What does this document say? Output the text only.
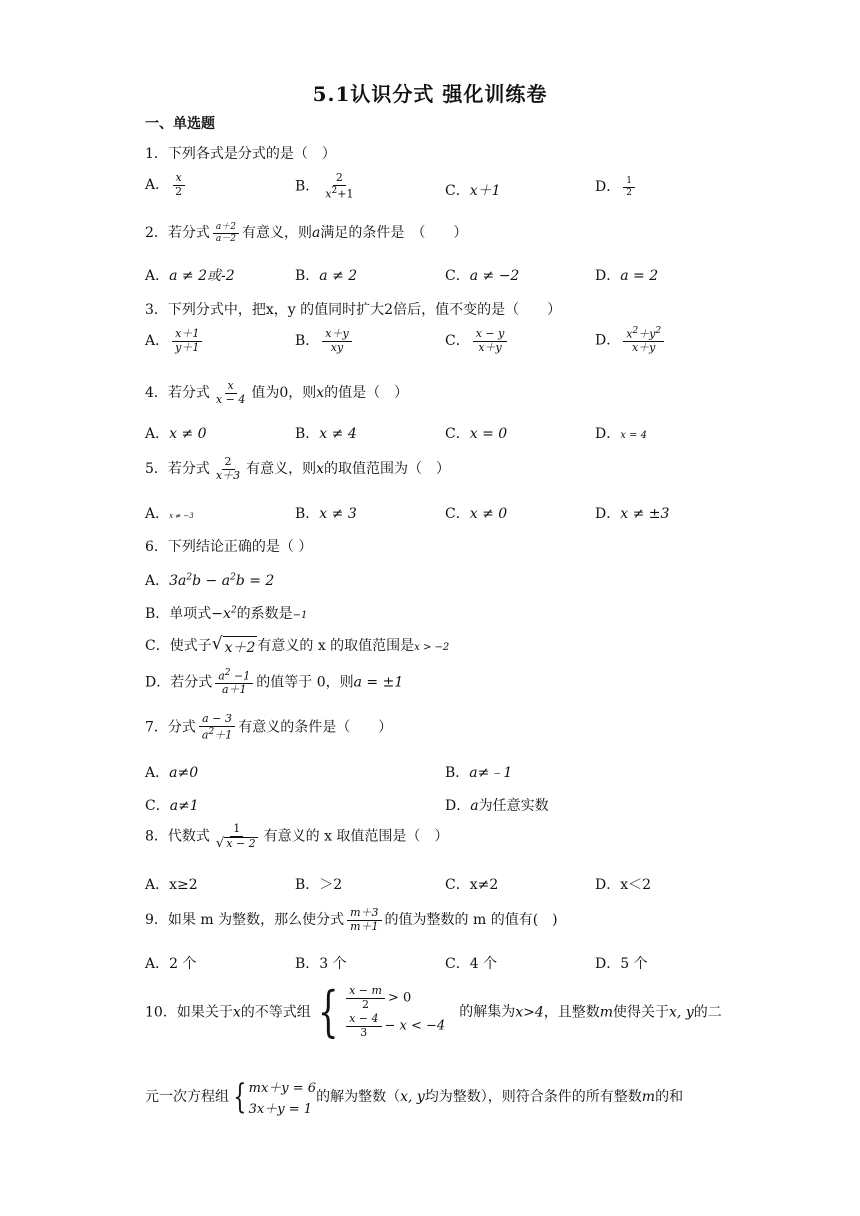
5.1认识分式 强化训练卷
一、单选题
1．下列各式是分式的是（　）
A． $\frac{x}{2}$	B． $\frac{2}{x^2+1}$	C．x＋1	D． $\frac{1}{2}$
2．若分式 $\frac{a+2}{a-2}$ 有意义，则a满足的条件是　（　　）
A．a ≠ 2或-2	B．a ≠ 2	C．a ≠ −2	D．a = 2
3．下列分式中，把x，y 的值同时扩大2倍后，值不变的是（　　）
A． $\frac{x+1}{y+1}$	B． $\frac{x+y}{xy}$	C． $\frac{x - y}{x+y}$	D． $\frac{x^2+y^2}{x+y}$
4．若分式 $\frac{x}{x - 4}$ 值为0，则x的值是（　）
A．x ≠ 0	B．x ≠ 4	C．x = 0	D．x = 4
5．若分式 $\frac{2}{x+3}$ 有意义，则x的取值范围为（　）
A．x ≠ −3	B．x ≠ 3	C．x ≠ 0	D．x ≠ ±3
6．下列结论正确的是（ ）
A．$3a^2b - a^2b = 2$
B．单项式$-x^2$的系数是−1
C．使式子 √ x＋2 有意义的 x 的取值范围是x > −2
D．若分式 $\frac{a^2 -1}{a+1}$ 的值等于 0，则a = ±1
7．分式 $\frac{a - 3}{a^2+1}$ 有意义的条件是（　　）
A．a≠0	B．a≠﹣1
C．a≠1	D．a为任意实数
8．代数式 $\frac{1}{√ x - 2}$ 有意义的 x 取值范围是（　）
A．x≥2	B．＞2	C．x≠2	D．x＜2
9．如果 m 为整数，那么使分式 $\frac{m+3}{m+1}$ 的值为整数的 m 的值有(　)
A．2 个	B．3 个	C．4 个	D．5 个
10．如果关于x的不等式组 { $\frac{x - m}{2} > 0$
$\frac{x - 4}{3} - x < -4$
的解集为x>4，且整数m使得关于x, y的二
元一次方程组 { mx＋y = 6
3x＋y = 1
的解为整数（x, y均为整数），则符合条件的所有整数m的和
